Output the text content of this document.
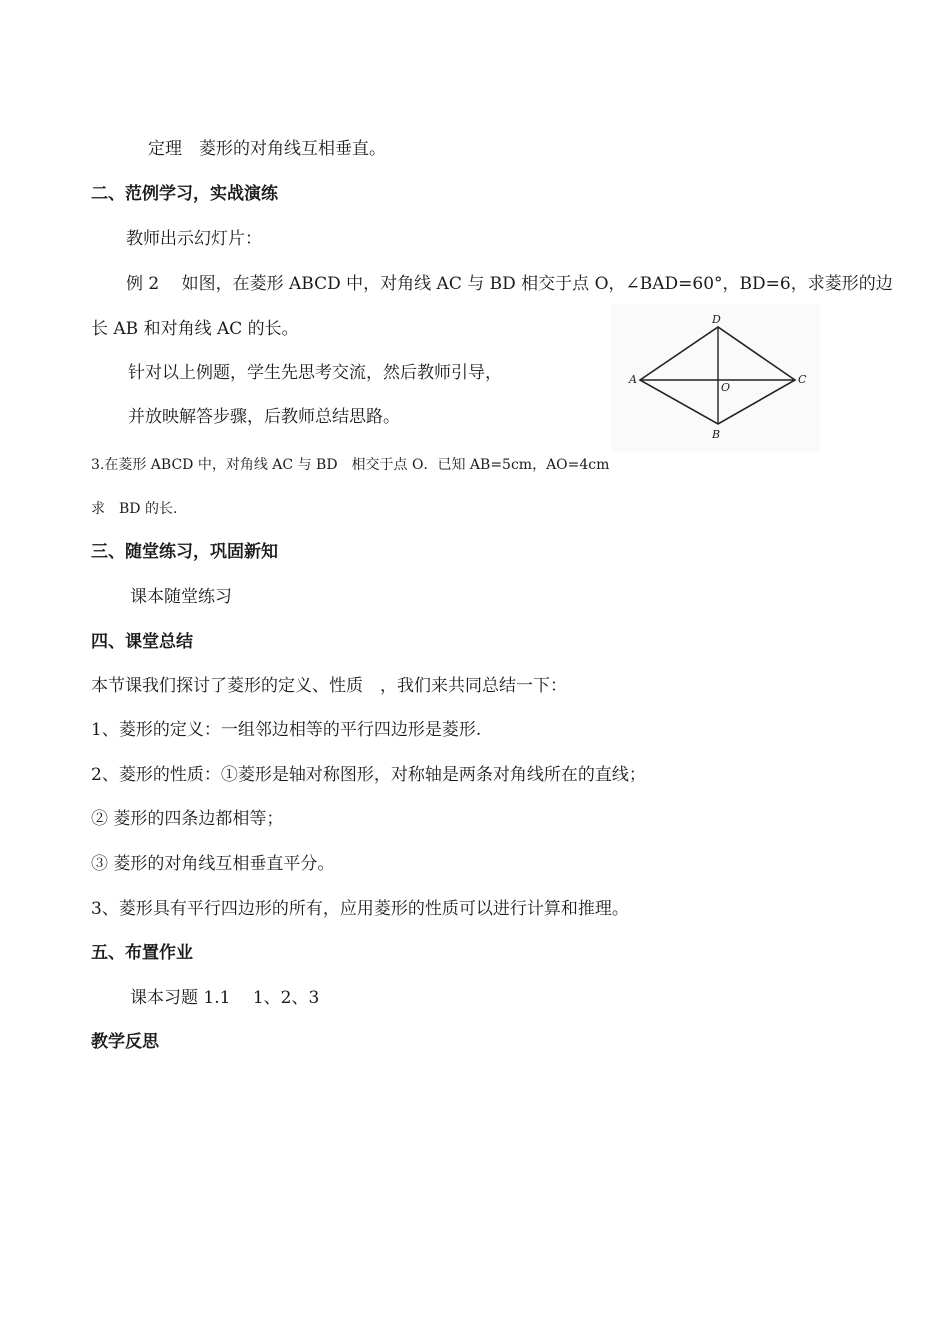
定理　菱形的对角线互相垂直。
二、范例学习，实战演练
教师出示幻灯片：
例 2　 如图，在菱形 ABCD 中，对角线 AC 与 BD 相交于点 O，∠BAD=60°，BD=6，求菱形的边
长 AB 和对角线 AC 的长。
针对以上例题，学生先思考交流，然后教师引导，
并放映解答步骤，后教师总结思路。
3.在菱形 ABCD 中，对角线 AC 与 BD　相交于点 O．已知 AB=5cm，AO=4cm
求　BD 的长.
三、随堂练习，巩固新知
课本随堂练习
四、课堂总结
本节课我们探讨了菱形的定义、性质　，我们来共同总结一下：
1、菱形的定义：一组邻边相等的平行四边形是菱形.
2、菱形的性质：①菱形是轴对称图形，对称轴是两条对角线所在的直线；
② 菱形的四条边都相等；
③ 菱形的对角线互相垂直平分。
3、菱形具有平行四边形的所有，应用菱形的性质可以进行计算和推理。
五、布置作业
课本习题 1.1　 1、2、3
教学反思
D
A	C
B
O
